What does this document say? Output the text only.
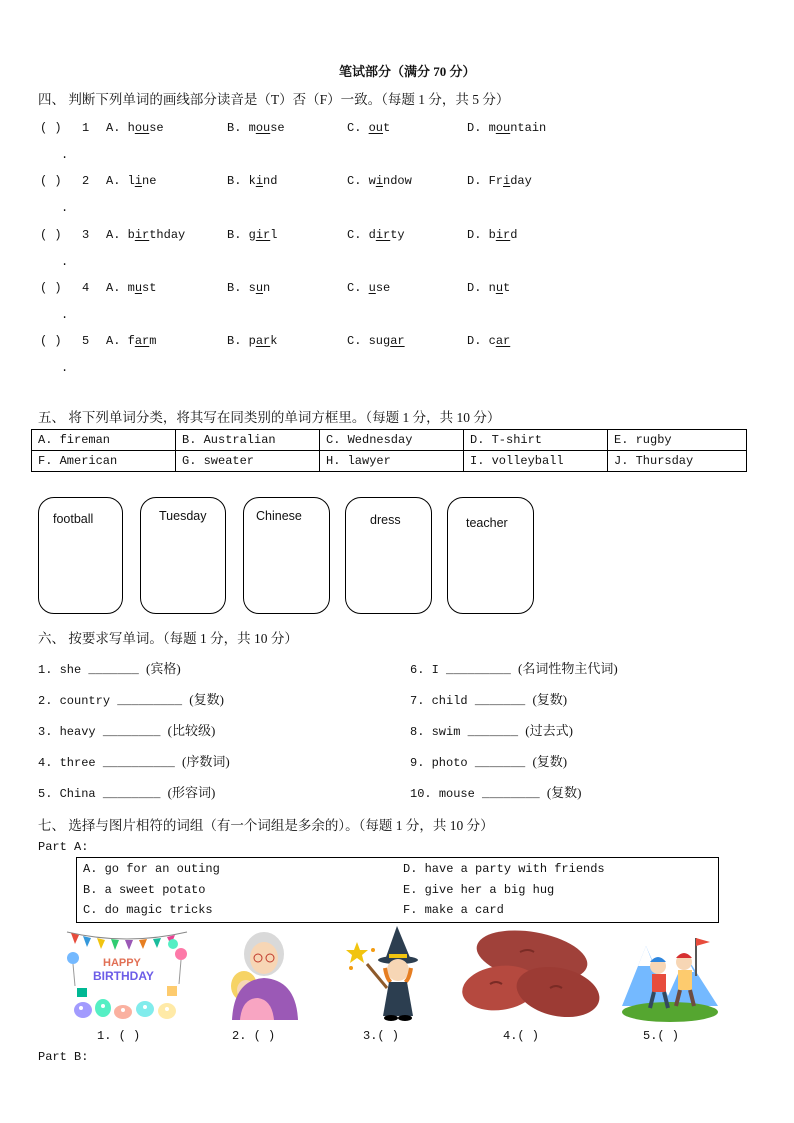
笔试部分（满分 70 分）
四、 判断下列单词的画线部分读音是（T）否（F）一致。（每题 1 分，共 5 分）
( ) 1 A. house	B. mouse	C. out	D. mountain
.
( ) 2 A. line	B. kind	C. window	D. Friday
.
( ) 3 A. birthday	B. girl	C. dirty	D. bird
.
( ) 4 A. must	B. sun	C. use	D. nut
.
( ) 5 A. farm	B. park	C. sugar	D. car
.
五、 将下列单词分类，将其写在同类别的单词方框里。（每题 1 分，共 10 分）
A. fireman	B. Australian	C. Wednesday	D. T-shirt	E. rugby
F. American	G. sweater	H. lawyer	I. volleyball	J. Thursday
football	Tuesday	Chinese	dress	teacher
六、 按要求写单词。（每题 1 分，共 10 分）
1. she _______ (宾格)
2. country _________ (复数)
3. heavy ________ (比较级)
4. three __________ (序数词)
5. China ________ (形容词)
6. I _________ (名词性物主代词)
7. child _______ (复数)
8. swim _______ (过去式)
9. photo _______ (复数)
10. mouse ________ (复数)
七、 选择与图片相符的词组（有一个词组是多余的）。（每题 1 分，共 10 分）
Part A:
A. go for an outing
B. a sweet potato
C. do magic tricks
D. have a party with friends
E. give her a big hug
F. make a card
HAPPY
BIRTHDAY
1. ( )	2. ( )	3.( )	4.( )	5.( )
Part B:
